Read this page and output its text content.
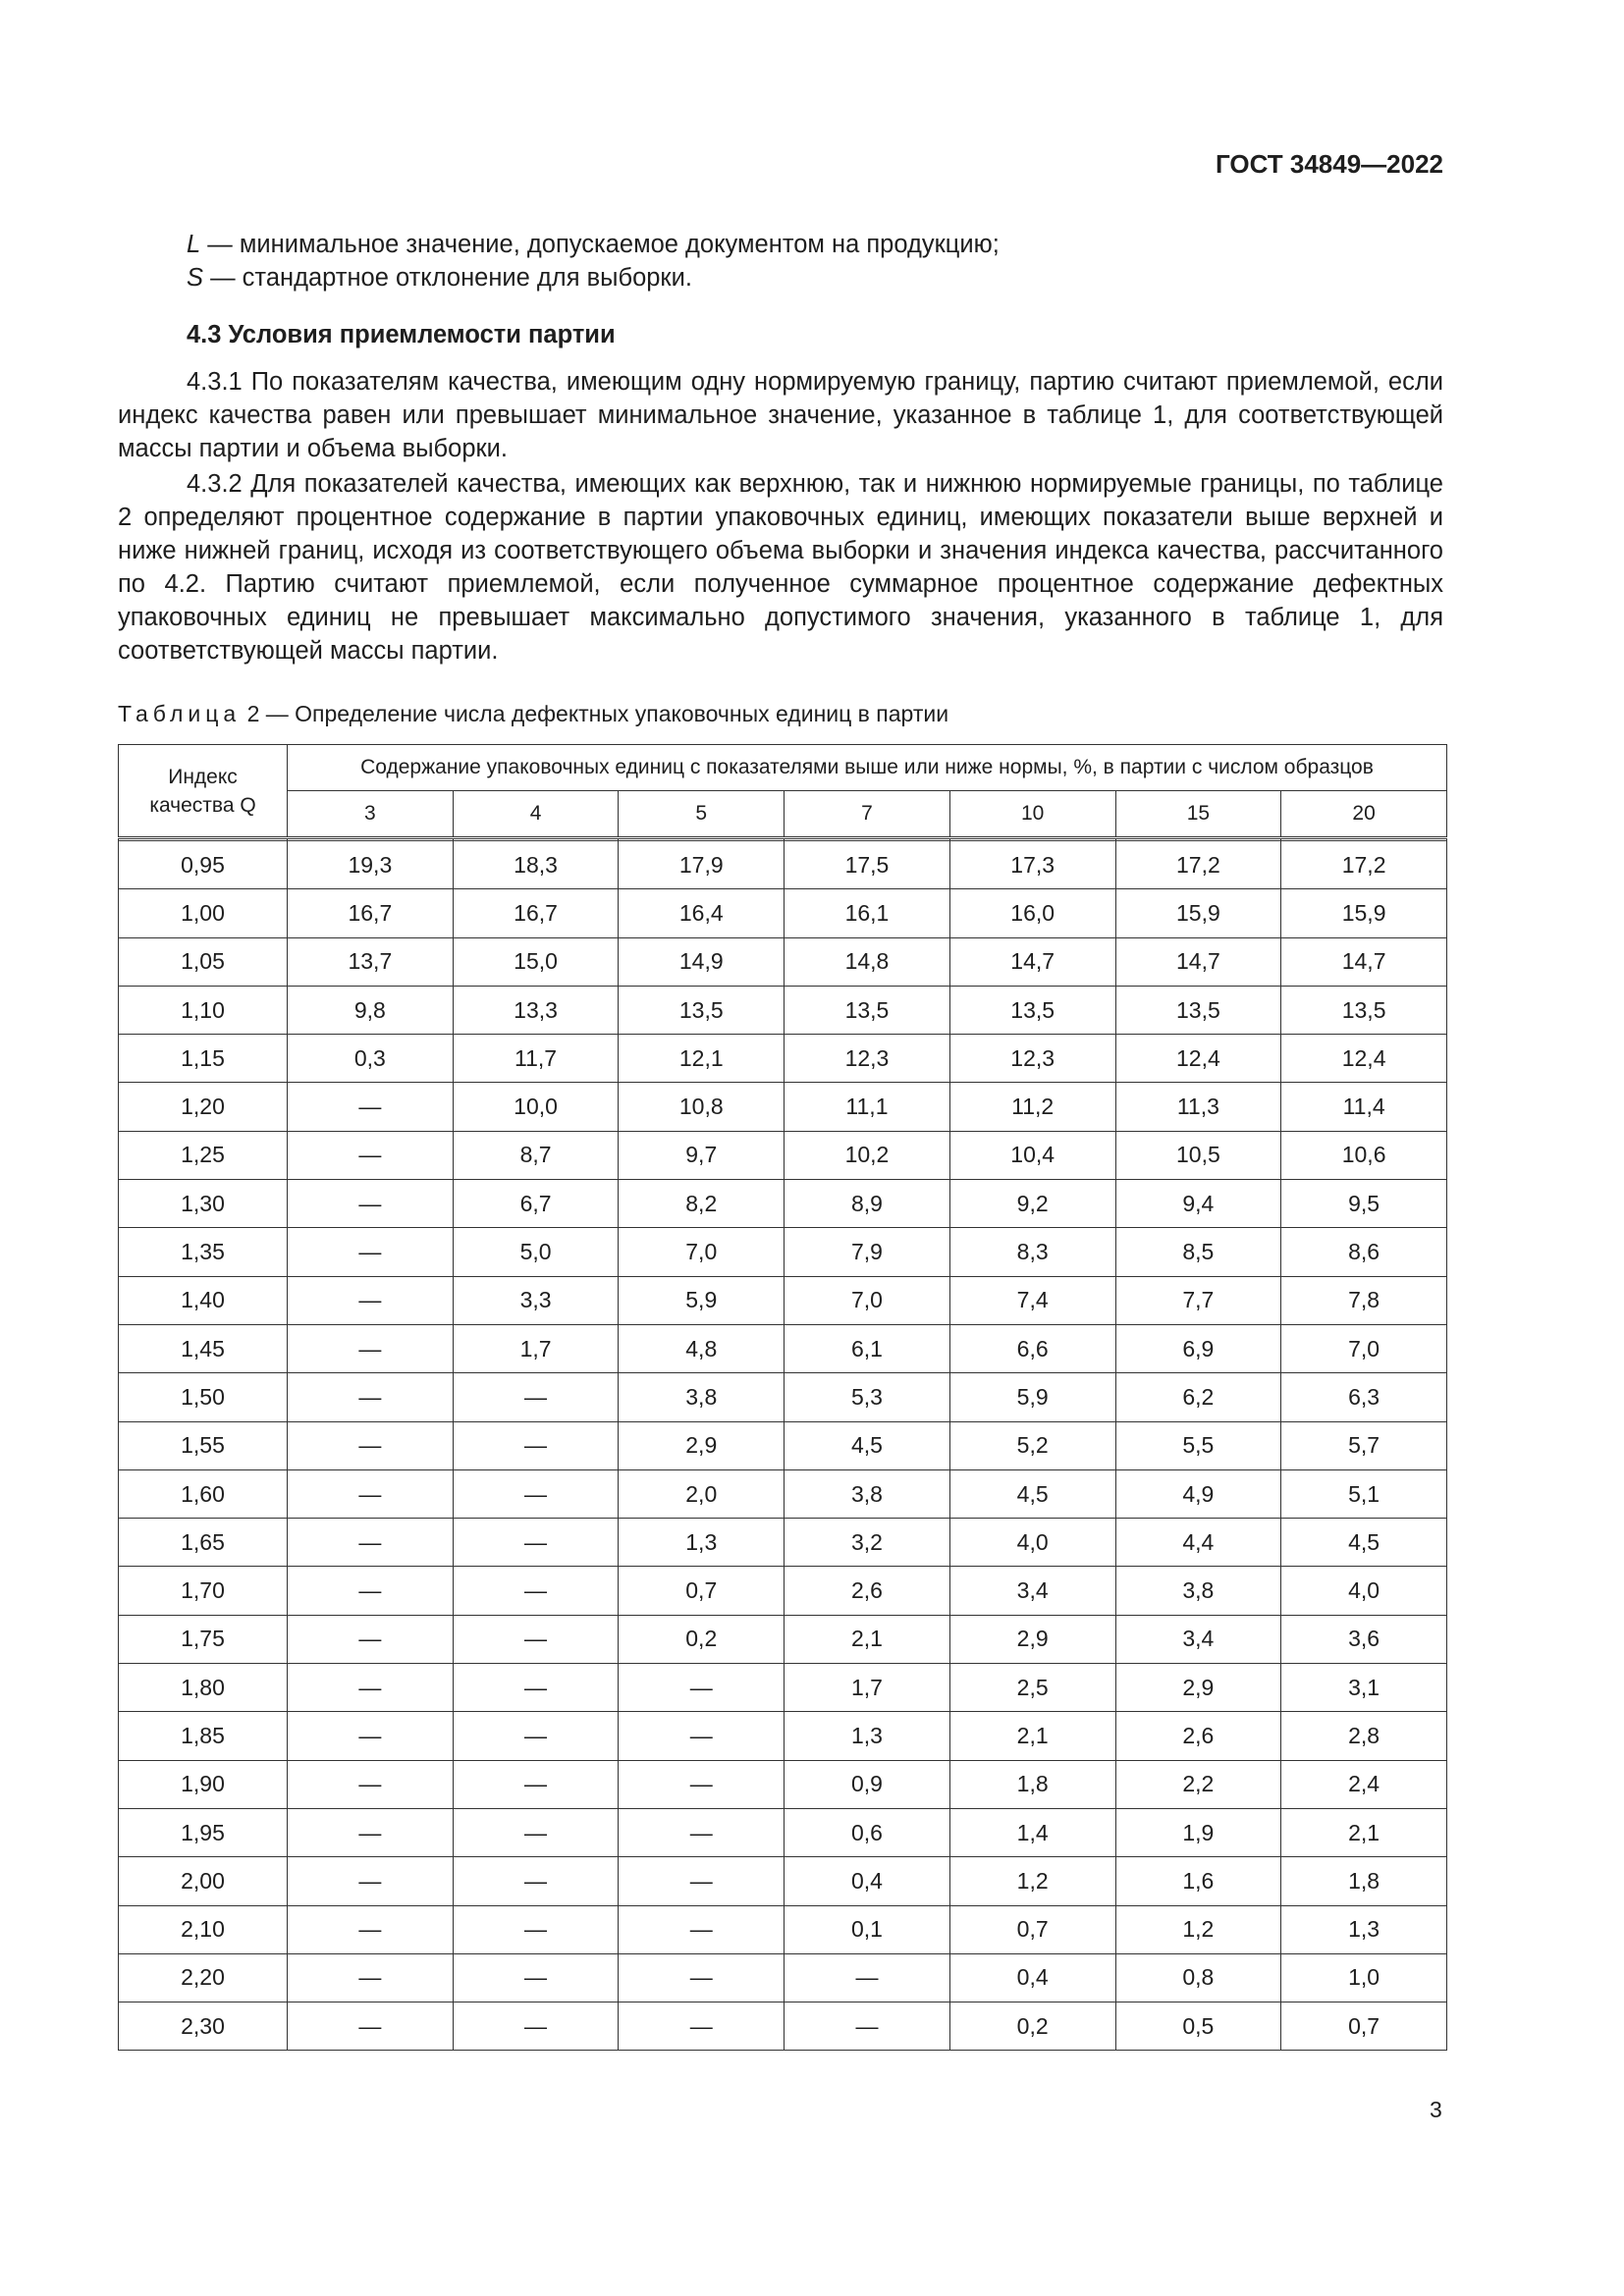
ГОСТ 34849—2022

L — минимальное значение, допускаемое документом на продукцию;

S — стандартное отклонение для выборки.

4.3 Условия приемлемости партии

4.3.1 По показателям качества, имеющим одну нормируемую границу, партию считают приемлемой, если индекс качества равен или превышает минимальное значение, указанное в таблице 1, для соответствующей массы партии и объема выборки.

4.3.2 Для показателей качества, имеющих как верхнюю, так и нижнюю нормируемые границы, по таблице 2 определяют процентное содержание в партии упаковочных единиц, имеющих показатели выше верхней и ниже нижней границ, исходя из соответствующего объема выборки и значения индекса качества, рассчитанного по 4.2. Партию считают приемлемой, если полученное суммарное процентное содержание дефектных упаковочных единиц не превышает максимально допустимого значения, указанного в таблице 1, для соответствующей массы партии.

Таблица 2 — Определение числа дефектных упаковочных единиц в партии

Индекс
качества Q	Содержание упаковочных единиц с показателями выше или ниже нормы, %, в партии с числом образцов						
	3	4	5	7	10	15	20

0,95	19,3	18,3	17,9	17,5	17,3	17,2	17,2
1,00	16,7	16,7	16,4	16,1	16,0	15,9	15,9
1,05	13,7	15,0	14,9	14,8	14,7	14,7	14,7
1,10	9,8	13,3	13,5	13,5	13,5	13,5	13,5
1,15	0,3	11,7	12,1	12,3	12,3	12,4	12,4
1,20	—	10,0	10,8	11,1	11,2	11,3	11,4
1,25	—	8,7	9,7	10,2	10,4	10,5	10,6
1,30	—	6,7	8,2	8,9	9,2	9,4	9,5
1,35	—	5,0	7,0	7,9	8,3	8,5	8,6
1,40	—	3,3	5,9	7,0	7,4	7,7	7,8
1,45	—	1,7	4,8	6,1	6,6	6,9	7,0
1,50	—	—	3,8	5,3	5,9	6,2	6,3
1,55	—	—	2,9	4,5	5,2	5,5	5,7
1,60	—	—	2,0	3,8	4,5	4,9	5,1
1,65	—	—	1,3	3,2	4,0	4,4	4,5
1,70	—	—	0,7	2,6	3,4	3,8	4,0
1,75	—	—	0,2	2,1	2,9	3,4	3,6
1,80	—	—	—	1,7	2,5	2,9	3,1
1,85	—	—	—	1,3	2,1	2,6	2,8
1,90	—	—	—	0,9	1,8	2,2	2,4
1,95	—	—	—	0,6	1,4	1,9	2,1
2,00	—	—	—	0,4	1,2	1,6	1,8
2,10	—	—	—	0,1	0,7	1,2	1,3
2,20	—	—	—	—	0,4	0,8	1,0
2,30	—	—	—	—	0,2	0,5	0,7

3
